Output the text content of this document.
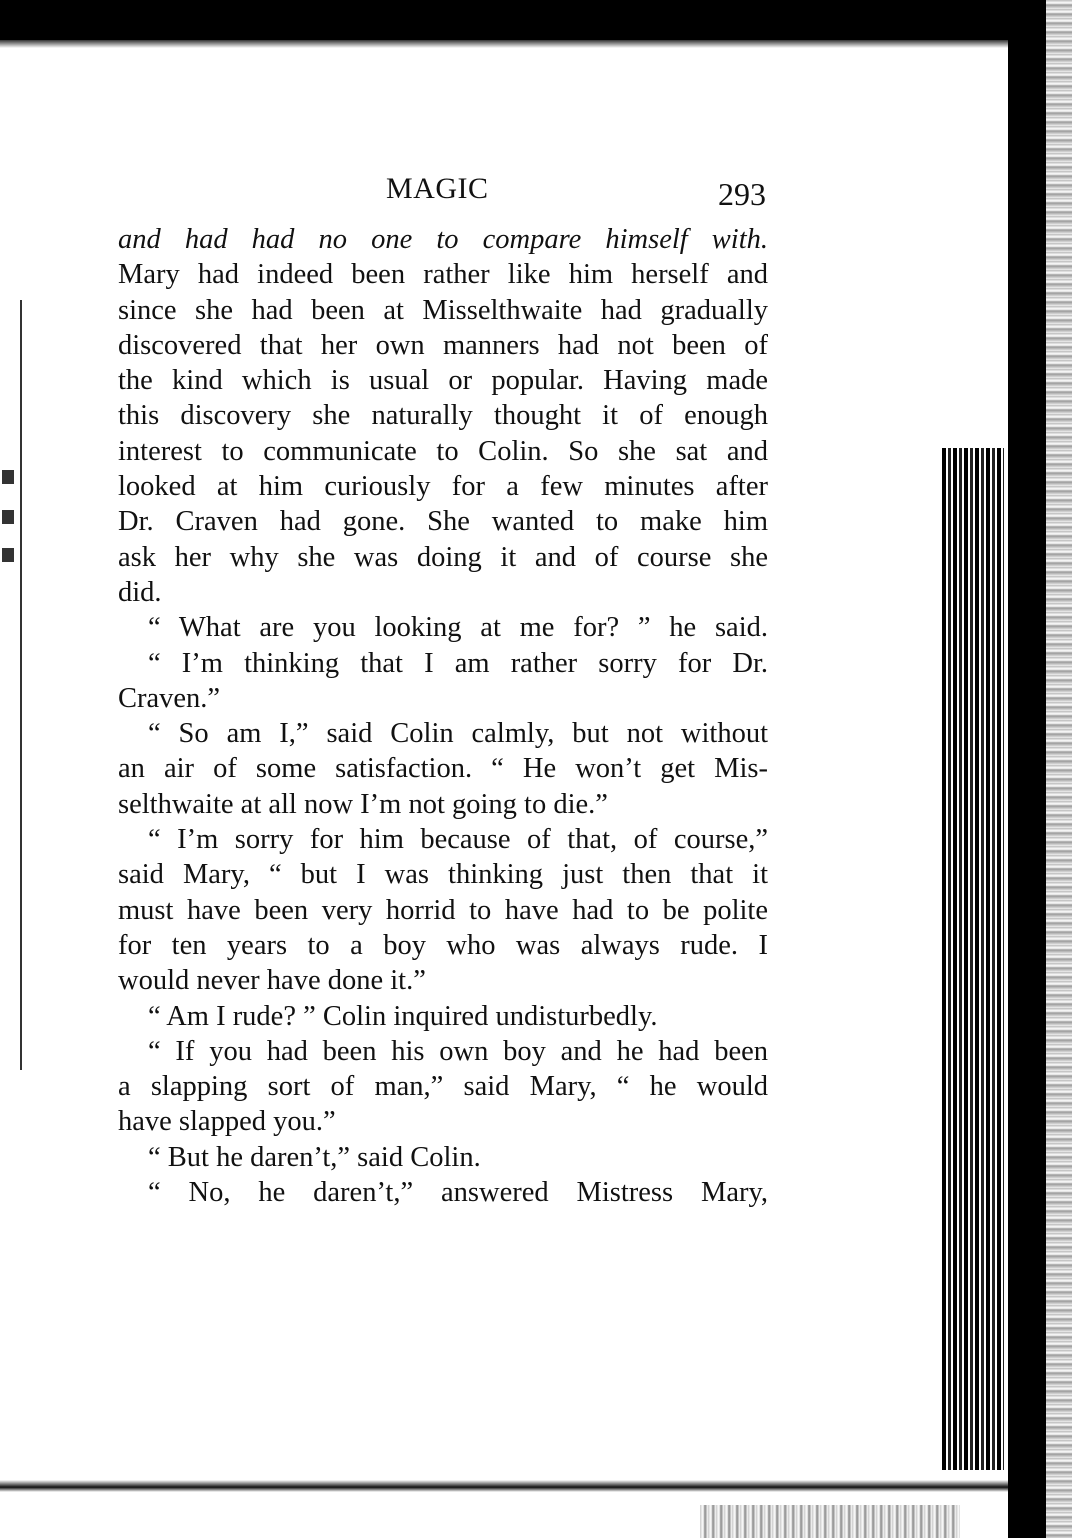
MAGIC	293
and had had no one to compare himself with.
Mary had indeed been rather like him herself and
since she had been at Misselthwaite had gradually
discovered that her own manners had not been of
the kind which is usual or popular. Having made
this discovery she naturally thought it of enough
interest to communicate to Colin. So she sat and
looked at him curiously for a few minutes after
Dr. Craven had gone. She wanted to make him
ask her why she was doing it and of course she
did.
“ What are you looking at me for? ” he said.
“ I’m thinking that I am rather sorry for Dr.
Craven.”
“ So am I,” said Colin calmly, but not without
an air of some satisfaction. “ He won’t get Mis-
selthwaite at all now I’m not going to die.”
“ I’m sorry for him because of that, of course,”
said Mary, “ but I was thinking just then that it
must have been very horrid to have had to be polite
for ten years to a boy who was always rude. I
would never have done it.”
“ Am I rude? ” Colin inquired undisturbedly.
“ If you had been his own boy and he had been
a slapping sort of man,” said Mary, “ he would
have slapped you.”
“ But he daren’t,” said Colin.
“ No, he daren’t,” answered Mistress Mary,
